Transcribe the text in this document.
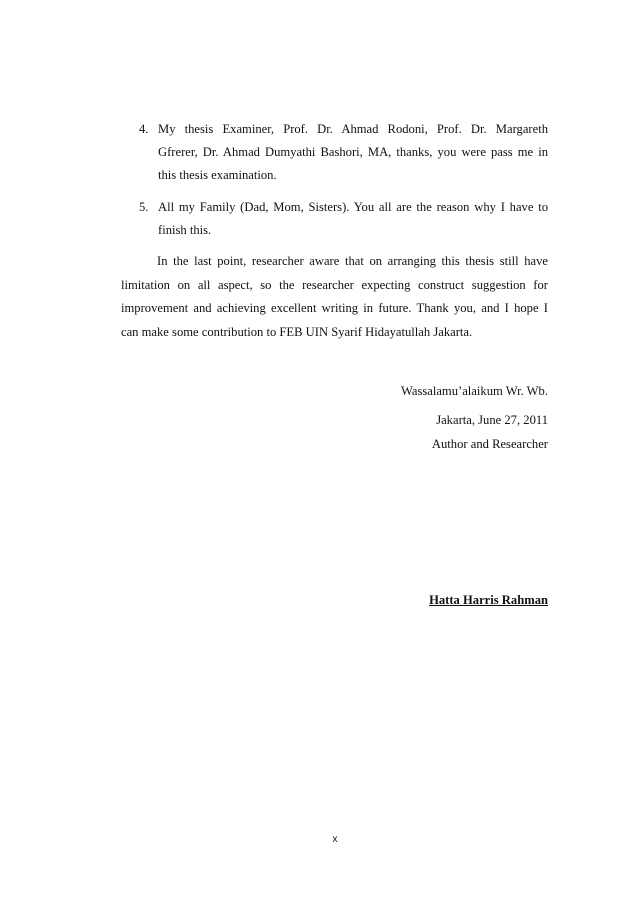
4. My thesis Examiner, Prof. Dr. Ahmad Rodoni, Prof. Dr. Margareth
Gfrerer, Dr. Ahmad Dumyathi Bashori, MA, thanks, you were pass me in
this thesis examination.
5. All my Family (Dad, Mom, Sisters). You all are the reason why I have to
finish this.
In the last point, researcher aware that on arranging this thesis still have
limitation on all aspect, so the researcher expecting construct suggestion for
improvement and achieving excellent writing in future. Thank you, and I hope I
can make some contribution to FEB UIN Syarif Hidayatullah Jakarta.
Wassalamu’alaikum Wr. Wb.
Jakarta, June 27, 2011
Author and Researcher
Hatta Harris Rahman
x
